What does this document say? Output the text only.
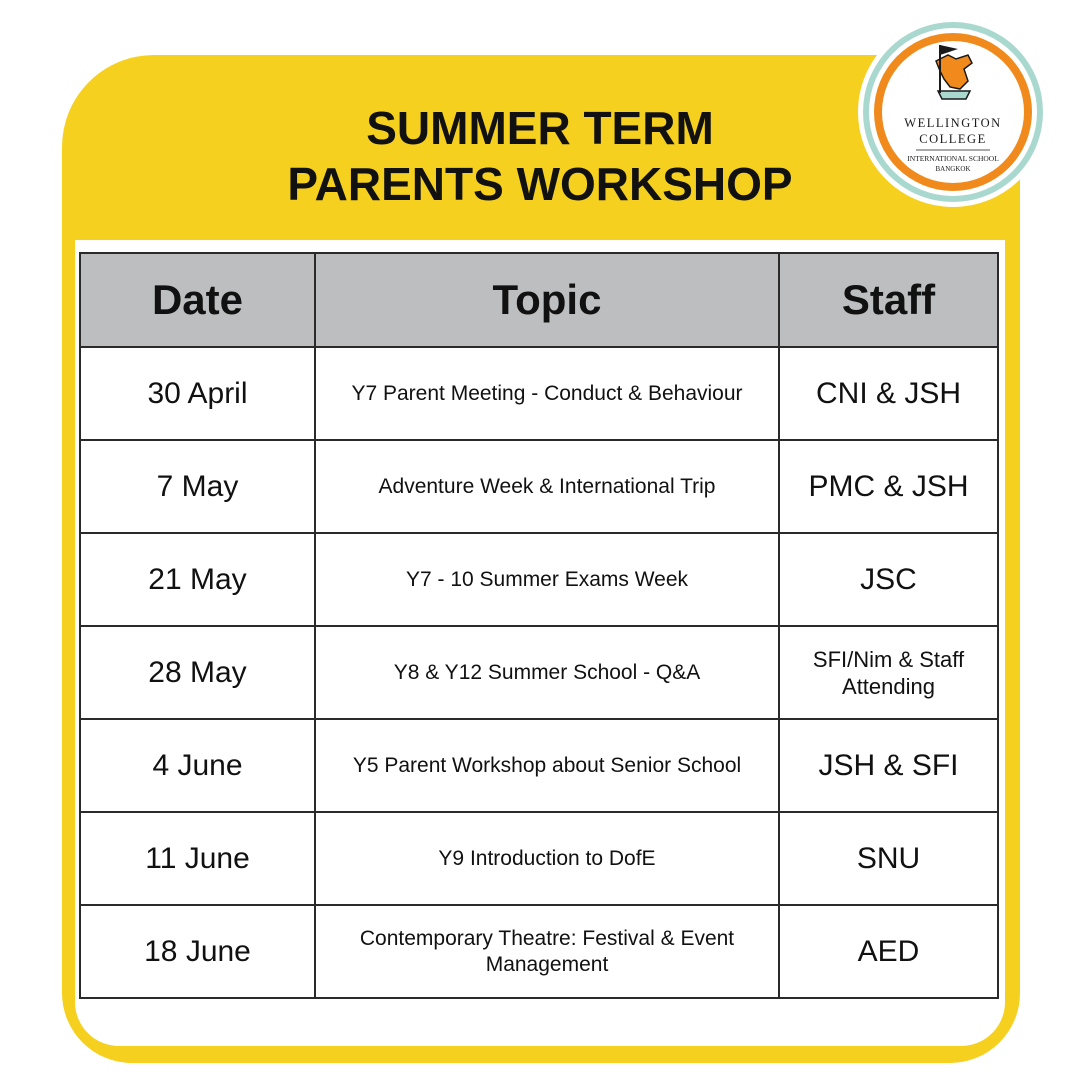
SUMMER TERM
PARENTS WORKSHOP
WELLINGTON
COLLEGE
INTERNATIONAL SCHOOL
BANGKOK
Date	Topic	Staff
30 April	Y7 Parent Meeting - Conduct & Behaviour	CNI & JSH
7 May	Adventure Week & International Trip	PMC & JSH
21 May	Y7 - 10 Summer Exams Week	JSC
28 May	Y8 & Y12 Summer School - Q&A	SFI/Nim & Staff Attending
4 June	Y5 Parent Workshop about Senior School	JSH & SFI
11 June	Y9 Introduction to DofE	SNU
18 June	Contemporary Theatre: Festival & Event Management	AED
